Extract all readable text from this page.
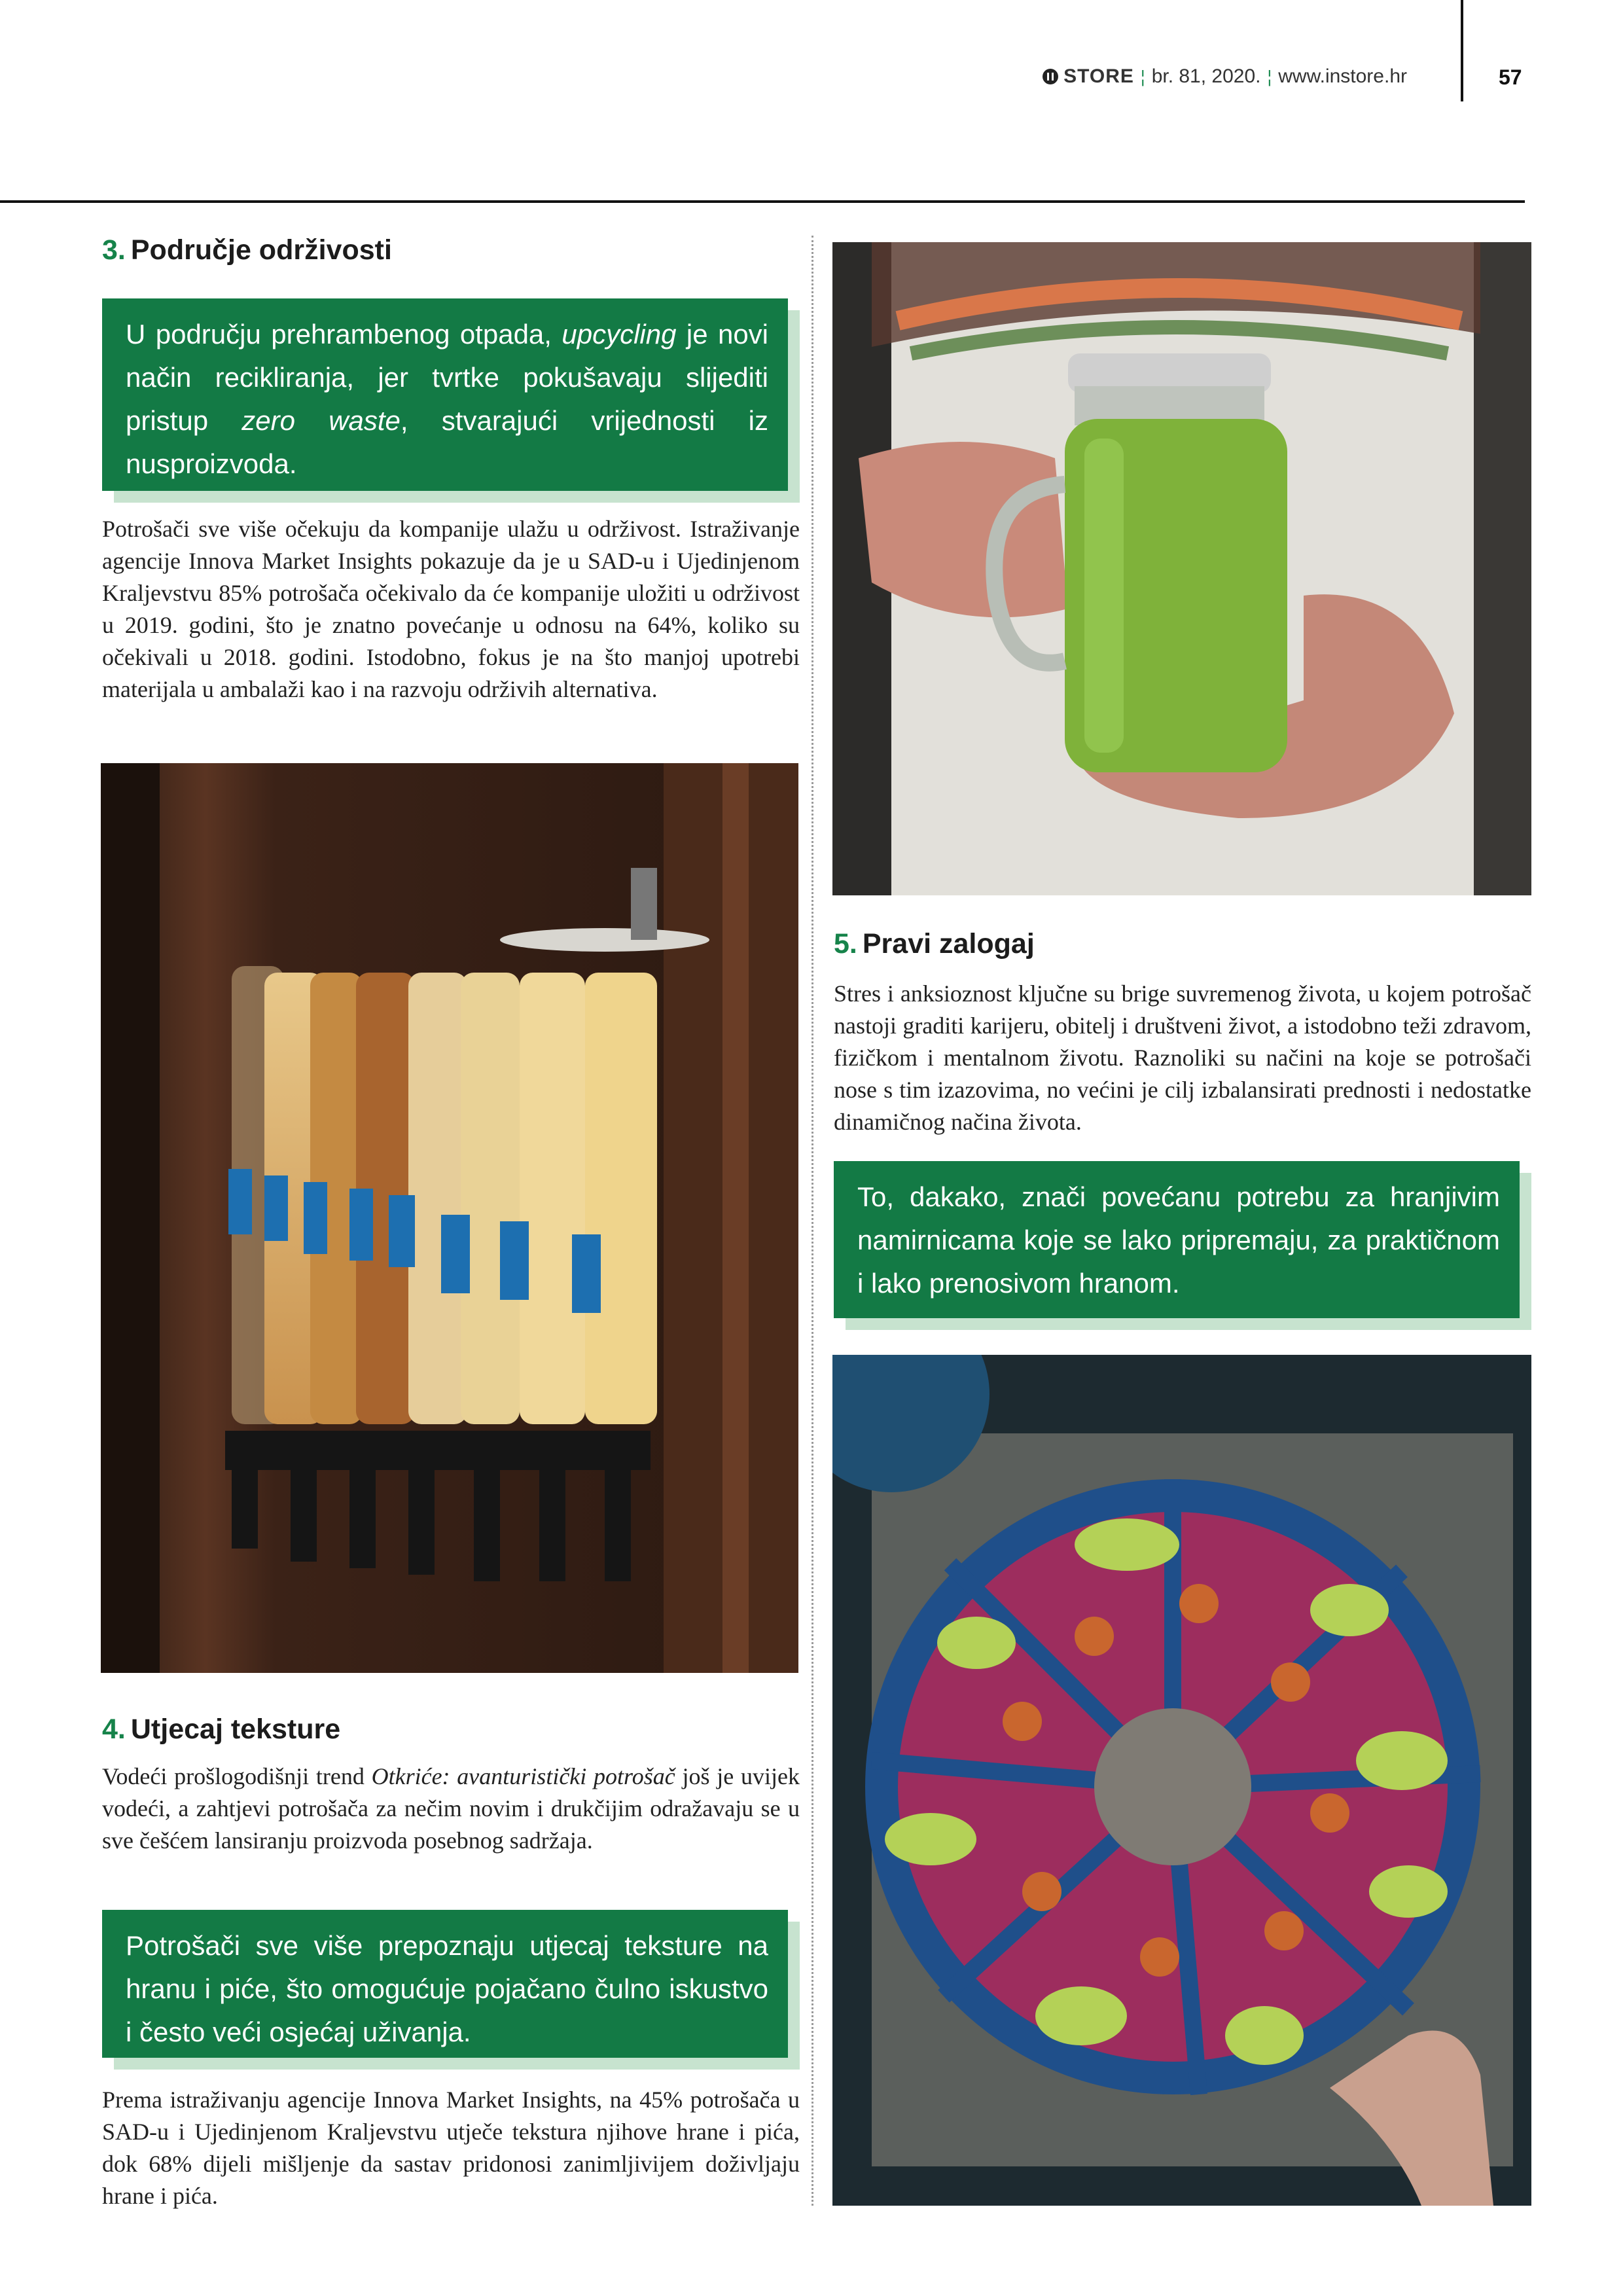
STORE ¦ br. 81, 2020. ¦ www.instore.hr	57
3. Područje održivosti
U području prehrambenog otpada, upcycling je novi način recikliranja, jer tvrtke pokušavaju slijediti pristup zero waste, stvarajući vrijednosti iz nusproizvoda.
Potrošači sve više očekuju da kompanije ulažu u održivost. Istraživanje agencije Innova Market Insights pokazuje da je u SAD-u i Ujedinjenom Kraljevstvu 85% potrošača očekivalo da će kompanije uložiti u održivost u 2019. godini, što je znatno povećanje u odnosu na 64%, koliko su očekivali u 2018. godini. Istodobno, fokus je na što manjoj upotrebi materijala u ambalaži kao i na razvoju održivih alternativa.
4. Utjecaj teksture
Vodeći prošlogodišnji trend Otkriće: avanturistički potrošač još je uvijek vodeći, a zahtjevi potrošača za nečim novim i drukčijim odražavaju se u sve češćem lansiranju proizvoda posebnog sadržaja.
Potrošači sve više prepoznaju utjecaj teksture na hranu i piće, što omogućuje pojačano čulno iskustvo i često veći osjećaj uživanja.
Prema istraživanju agencije Innova Market Insights, na 45% potrošača u SAD-u i Ujedinjenom Kraljevstvu utječe tekstura njihove hrane i pića, dok 68% dijeli mišljenje da sastav pridonosi zanimljivijem doživljaju hrane i pića.
5. Pravi zalogaj
Stres i anksioznost ključne su brige suvremenog života, u kojem potrošač nastoji graditi karijeru, obitelj i društveni život, a istodobno teži zdravom, fizičkom i mentalnom životu. Raznoliki su načini na koje se potrošači nose s tim izazovima, no većini je cilj izbalansirati prednosti i nedostatke dinamičnog načina života.
To, dakako, znači povećanu potrebu za hranjivim namirnicama koje se lako pripremaju, za praktičnom i lako prenosivom hranom.
